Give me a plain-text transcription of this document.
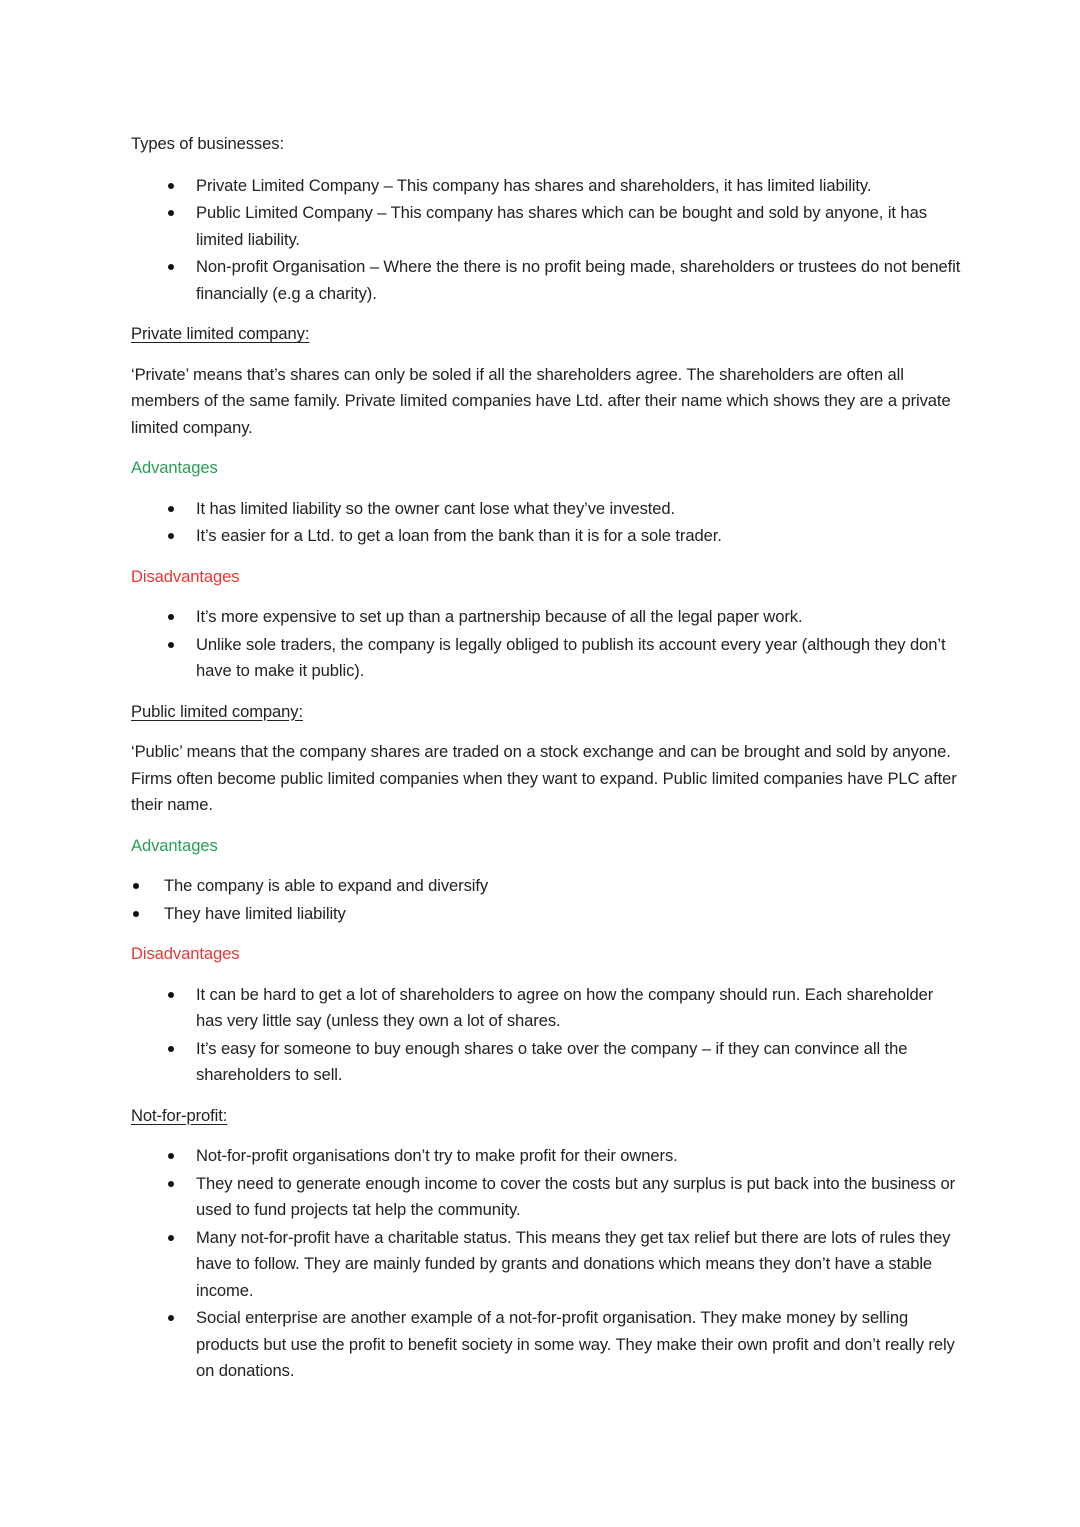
Types of businesses:

Private Limited Company – This company has shares and shareholders, it has limited liability.
Public Limited Company – This company has shares which can be bought and sold by anyone, it has limited liability.
Non-profit Organisation – Where the there is no profit being made, shareholders or trustees do not benefit financially (e.g a charity).

Private limited company:

‘Private’ means that’s shares can only be soled if all the shareholders agree. The shareholders are often all members of the same family. Private limited companies have Ltd. after their name which shows they are a private limited company.

Advantages

It has limited liability so the owner cant lose what they’ve invested.
It’s easier for a Ltd. to get a loan from the bank than it is for a sole trader.

Disadvantages

It’s more expensive to set up than a partnership because of all the legal paper work.
Unlike sole traders, the company is legally obliged to publish its account every year (although they don’t have to make it public).

Public limited company:

‘Public’ means that the company shares are traded on a stock exchange and can be brought and sold by anyone. Firms often become public limited companies when they want to expand. Public limited companies have PLC after their name.

Advantages

The company is able to expand and diversify
They have limited liability

Disadvantages

It can be hard to get a lot of shareholders to agree on how the company should run. Each shareholder has very little say (unless they own a lot of shares.
It’s easy for someone to buy enough shares o take over the company – if they can convince all the shareholders to sell.

Not-for-profit:

Not-for-profit organisations don’t try to make profit for their owners.
They need to generate enough income to cover the costs but any surplus is put back into the business or used to fund projects tat help the community.
Many not-for-profit have a charitable status. This means they get tax relief but there are lots of rules they have to follow. They are mainly funded by grants and donations which means they don’t have a stable income.
Social enterprise are another example of a not-for-profit organisation. They make money by selling products but use the profit to benefit society in some way. They make their own profit and don’t really rely on donations.
